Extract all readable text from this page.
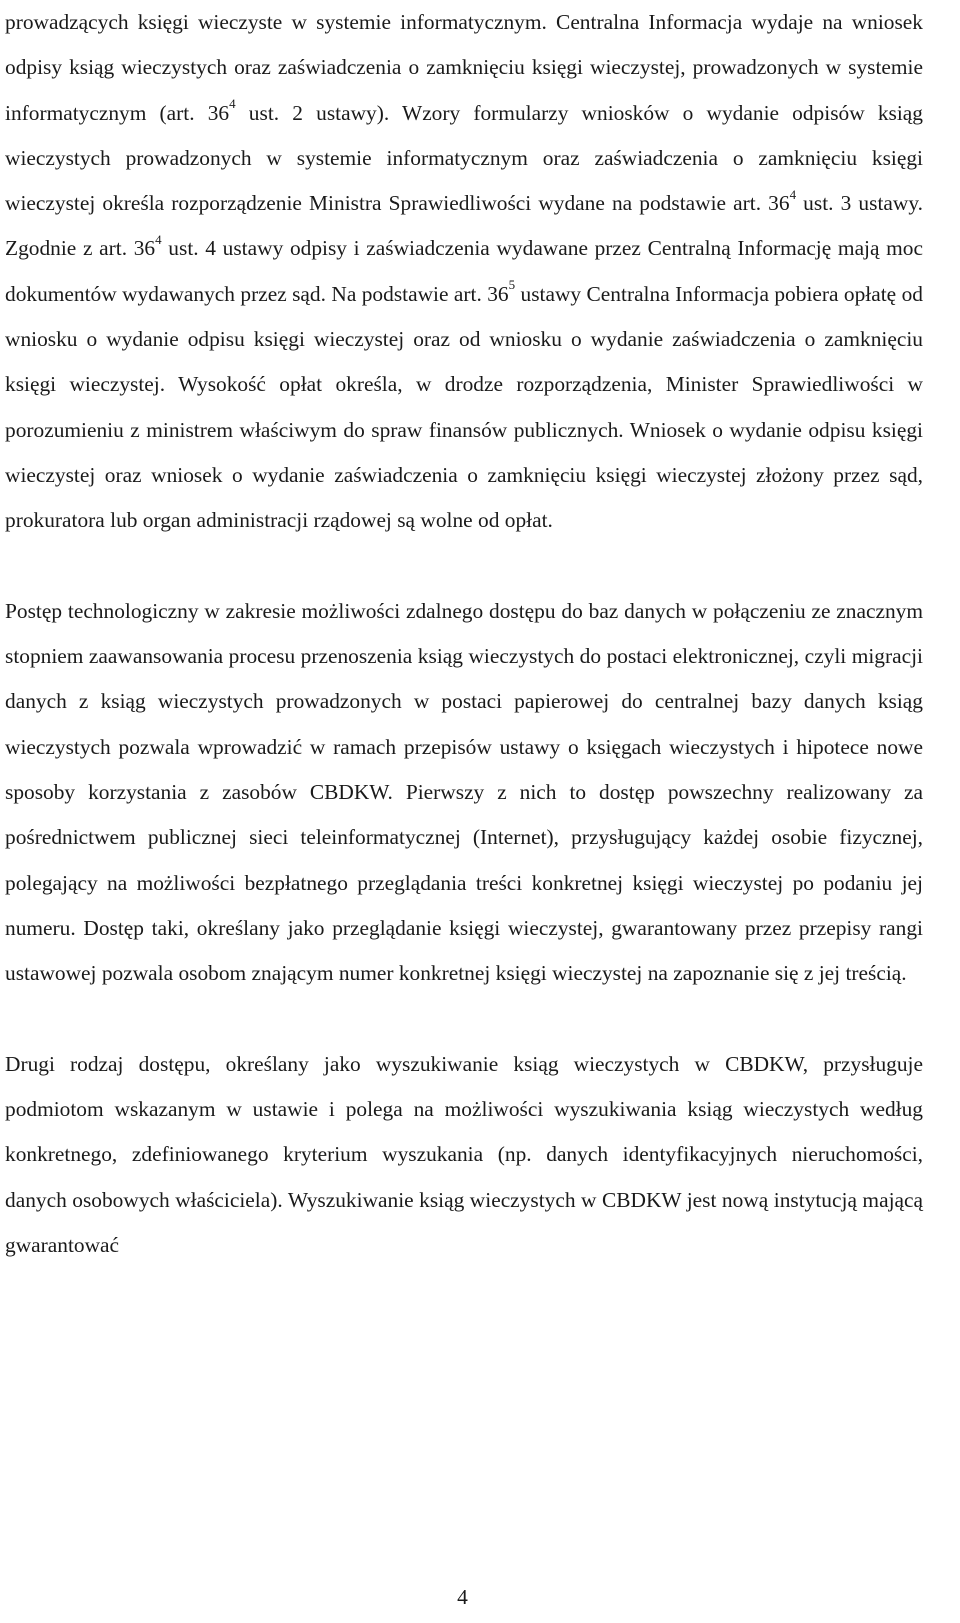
prowadzących księgi wieczyste w systemie informatycznym. Centralna Informacja wydaje na wniosek odpisy ksiąg wieczystych oraz zaświadczenia o zamknięciu księgi wieczystej, prowadzonych w systemie informatycznym (art. $36^4$ ust. 2 ustawy). Wzory formularzy wniosków o wydanie odpisów ksiąg wieczystych prowadzonych w systemie informatycznym oraz zaświadczenia o zamknięciu księgi wieczystej określa rozporządzenie Ministra Sprawiedliwości wydane na podstawie art. $36^4$ ust. 3 ustawy. Zgodnie z art. $36^4$ ust. 4 ustawy odpisy i zaświadczenia wydawane przez Centralną Informację mają moc dokumentów wydawanych przez sąd. Na podstawie art. $36^5$ ustawy Centralna Informacja pobiera opłatę od wniosku o wydanie odpisu księgi wieczystej oraz od wniosku o wydanie zaświadczenia o zamknięciu księgi wieczystej. Wysokość opłat określa, w drodze rozporządzenia, Minister Sprawiedliwości w porozumieniu z ministrem właściwym do spraw finansów publicznych. Wniosek o wydanie odpisu księgi wieczystej oraz wniosek o wydanie zaświadczenia o zamknięciu księgi wieczystej złożony przez sąd, prokuratora lub organ administracji rządowej są wolne od opłat.

Postęp technologiczny w zakresie możliwości zdalnego dostępu do baz danych w połączeniu ze znacznym stopniem zaawansowania procesu przenoszenia ksiąg wieczystych do postaci elektronicznej, czyli migracji danych z ksiąg wieczystych prowadzonych w postaci papierowej do centralnej bazy danych ksiąg wieczystych pozwala wprowadzić w ramach przepisów ustawy o księgach wieczystych i hipotece nowe sposoby korzystania z zasobów CBDKW. Pierwszy z nich to dostęp powszechny realizowany za pośrednictwem publicznej sieci teleinformatycznej (Internet), przysługujący każdej osobie fizycznej, polegający na możliwości bezpłatnego przeglądania treści konkretnej księgi wieczystej po podaniu jej numeru. Dostęp taki, określany jako przeglądanie księgi wieczystej, gwarantowany przez przepisy rangi ustawowej pozwala osobom znającym numer konkretnej księgi wieczystej na zapoznanie się z jej treścią.

Drugi rodzaj dostępu, określany jako wyszukiwanie ksiąg wieczystych w CBDKW, przysługuje podmiotom wskazanym w ustawie i polega na możliwości wyszukiwania ksiąg wieczystych według konkretnego, zdefiniowanego kryterium wyszukania (np. danych identyfikacyjnych nieruchomości, danych osobowych właściciela). Wyszukiwanie ksiąg wieczystych w CBDKW jest nową instytucją mającą gwarantować

4
